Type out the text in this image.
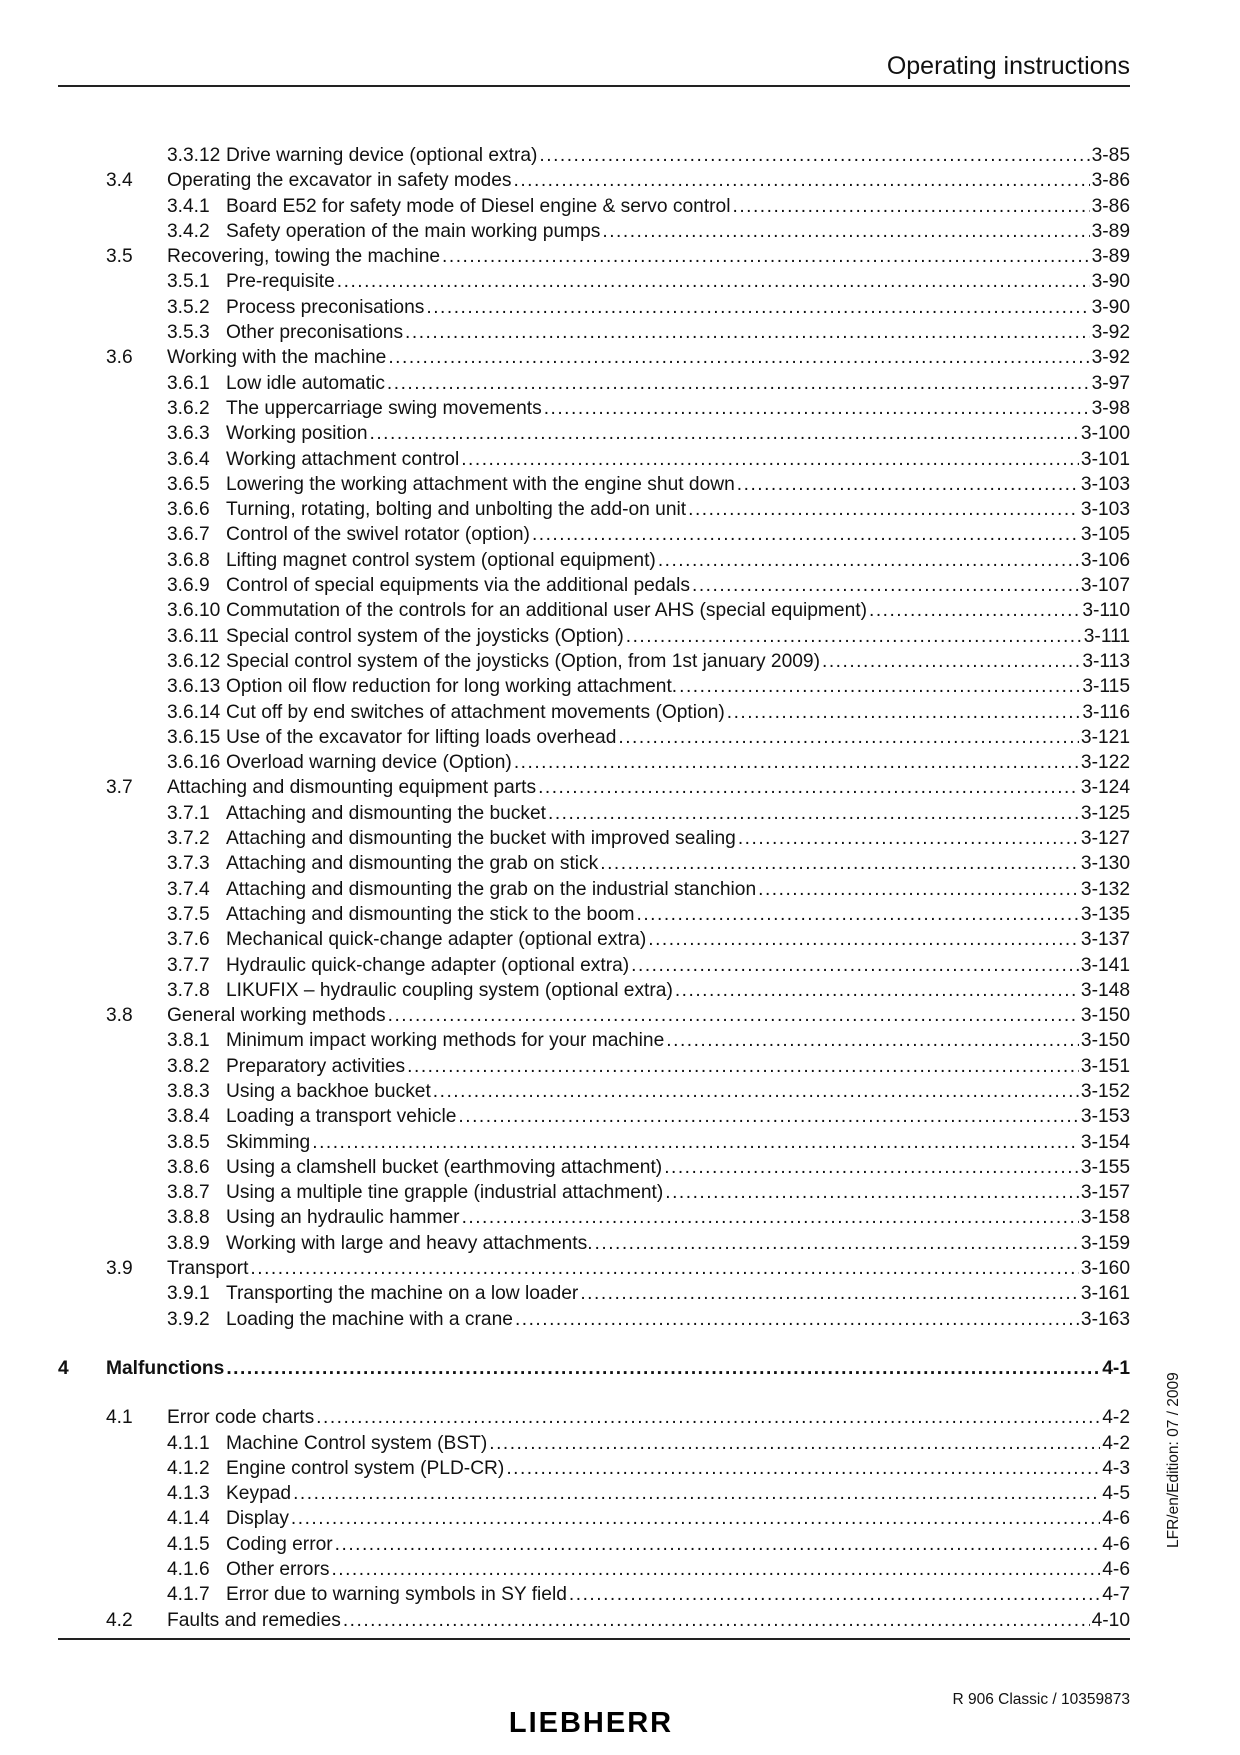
Operating instructions
3.3.12 Drive warning device (optional extra) .....	3-85
3.4 Operating the excavator in safety modes .....	3-86
3.4.1 Board E52 for safety mode of Diesel engine & servo control .....	3-86
3.4.2 Safety operation of the main working pumps .....	3-89
3.5 Recovering, towing the machine .....	3-89
3.5.1 Pre-requisite .....	3-90
3.5.2 Process preconisations .....	3-90
3.5.3 Other preconisations .....	3-92
3.6 Working with the machine .....	3-92
3.6.1 Low idle automatic .....	3-97
3.6.2 The uppercarriage swing movements .....	3-98
3.6.3 Working position .....	3-100
3.6.4 Working attachment control .....	3-101
3.6.5 Lowering the working attachment with the engine shut down .....	3-103
3.6.6 Turning, rotating, bolting and unbolting the add-on unit .....	3-103
3.6.7 Control of the swivel rotator (option) .....	3-105
3.6.8 Lifting magnet control system (optional equipment) .....	3-106
3.6.9 Control of special equipments via the additional pedals .....	3-107
3.6.10 Commutation of the controls for an additional user AHS (special equipment) .....	3-110
3.6.11 Special control system of the joysticks (Option) .....	3-111
3.6.12 Special control system of the joysticks (Option, from 1st january 2009) .....	3-113
3.6.13 Option oil flow reduction for long working attachment. .....	3-115
3.6.14 Cut off by end switches of attachment movements (Option) .....	3-116
3.6.15 Use of the excavator for lifting loads overhead .....	3-121
3.6.16 Overload warning device (Option) .....	3-122
3.7 Attaching and dismounting equipment parts .....	3-124
3.7.1 Attaching and dismounting the bucket .....	3-125
3.7.2 Attaching and dismounting the bucket with improved sealing .....	3-127
3.7.3 Attaching and dismounting the grab on stick .....	3-130
3.7.4 Attaching and dismounting the grab on the industrial stanchion .....	3-132
3.7.5 Attaching and dismounting the stick to the boom .....	3-135
3.7.6 Mechanical quick-change adapter (optional extra) .....	3-137
3.7.7 Hydraulic quick-change adapter (optional extra) .....	3-141
3.7.8 LIKUFIX – hydraulic coupling system (optional extra) .....	3-148
3.8 General working methods .....	3-150
3.8.1 Minimum impact working methods for your machine .....	3-150
3.8.2 Preparatory activities .....	3-151
3.8.3 Using a backhoe bucket .....	3-152
3.8.4 Loading a transport vehicle .....	3-153
3.8.5 Skimming .....	3-154
3.8.6 Using a clamshell bucket (earthmoving attachment) .....	3-155
3.8.7 Using a multiple tine grapple (industrial attachment) .....	3-157
3.8.8 Using an hydraulic hammer .....	3-158
3.8.9 Working with large and heavy attachments. .....	3-159
3.9 Transport .....	3-160
3.9.1 Transporting the machine on a low loader .....	3-161
3.9.2 Loading the machine with a crane .....	3-163
4 Malfunctions .....	4-1
4.1 Error code charts .....	4-2
4.1.1 Machine Control system (BST) .....	4-2
4.1.2 Engine control system (PLD-CR) .....	4-3
4.1.3 Keypad .....	4-5
4.1.4 Display .....	4-6
4.1.5 Coding error .....	4-6
4.1.6 Other errors .....	4-6
4.1.7 Error due to warning symbols in SY field .....	4-7
4.2 Faults and remedies .....	4-10
LFR/en/Edition: 07 / 2009
R 906 Classic / 10359873
LIEBHERR
